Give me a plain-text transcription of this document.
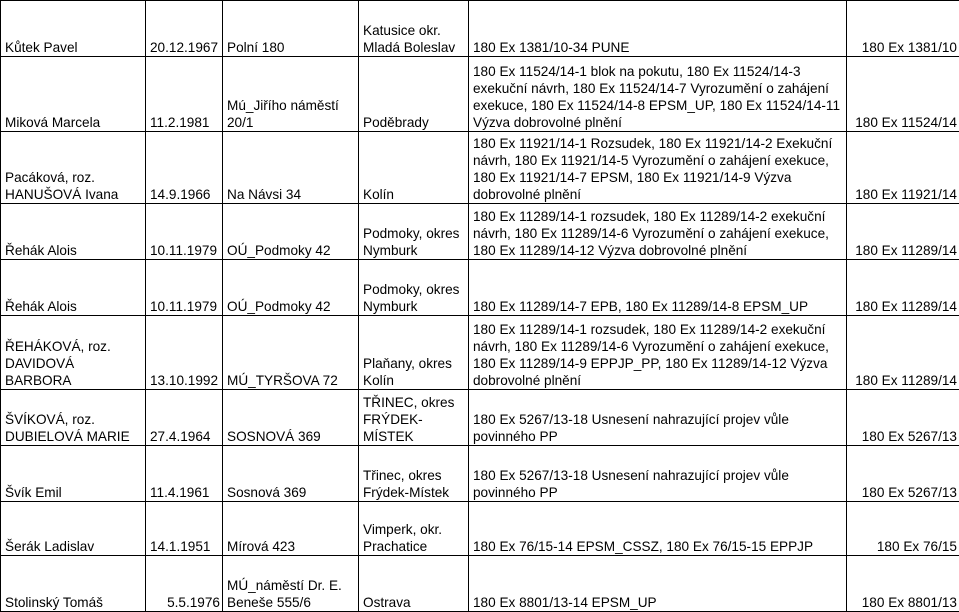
Kůtek Pavel	20.12.1967	Polní 180	Katusice okr. Mladá Boleslav	180 Ex 1381/10-34 PUNE	180 Ex 1381/10
Miková Marcela	11.2.1981	Mú_Jiřího náměstí 20/1	Poděbrady	180 Ex 11524/14-1 blok na pokutu, 180 Ex 11524/14-3 exekuční návrh, 180 Ex 11524/14-7 Vyrozumění o zahájení exekuce, 180 Ex 11524/14-8 EPSM_UP, 180 Ex 11524/14-11 Výzva dobrovolné plnění	180 Ex 11524/14
Pacáková, roz. HANUŠOVÁ Ivana	14.9.1966	Na Návsi 34	Kolín	180 Ex 11921/14-1 Rozsudek, 180 Ex 11921/14-2 Exekuční návrh, 180 Ex 11921/14-5 Vyrozumění o zahájení exekuce, 180 Ex 11921/14-7 EPSM, 180 Ex 11921/14-9 Výzva dobrovolné plnění	180 Ex 11921/14
Řehák Alois	10.11.1979	OÚ_Podmoky 42	Podmoky, okres Nymburk	180 Ex 11289/14-1 rozsudek, 180 Ex 11289/14-2 exekuční návrh, 180 Ex 11289/14-6 Vyrozumění o zahájení exekuce, 180 Ex 11289/14-12 Výzva dobrovolné plnění	180 Ex 11289/14
Řehák Alois	10.11.1979	OÚ_Podmoky 42	Podmoky, okres Nymburk	180 Ex 11289/14-7 EPB, 180 Ex 11289/14-8 EPSM_UP	180 Ex 11289/14
ŘEHÁKOVÁ, roz. DAVIDOVÁ BARBORA	13.10.1992	MÚ_TYRŠOVA 72	Plaňany, okres Kolín	180 Ex 11289/14-1 rozsudek, 180 Ex 11289/14-2 exekuční návrh, 180 Ex 11289/14-6 Vyrozumění o zahájení exekuce, 180 Ex 11289/14-9 EPPJP_PP, 180 Ex 11289/14-12 Výzva dobrovolné plnění	180 Ex 11289/14
ŠVÍKOVÁ, roz. DUBIELOVÁ MARIE	27.4.1964	SOSNOVÁ 369	TŘINEC, okres FRÝDEK-MÍSTEK	180 Ex 5267/13-18 Usnesení nahrazující projev vůle povinného PP	180 Ex 5267/13
Švík Emil	11.4.1961	Sosnová 369	Třinec, okres Frýdek-Místek	180 Ex 5267/13-18 Usnesení nahrazující projev vůle povinného PP	180 Ex 5267/13
Šerák Ladislav	14.1.1951	Mírová 423	Vimperk, okr. Prachatice	180 Ex 76/15-14 EPSM_CSSZ, 180 Ex 76/15-15 EPPJP	180 Ex 76/15
Stolinský Tomáš	5.5.1976	MÚ_náměstí Dr. E. Beneše 555/6	Ostrava	180 Ex 8801/13-14 EPSM_UP	180 Ex 8801/13
